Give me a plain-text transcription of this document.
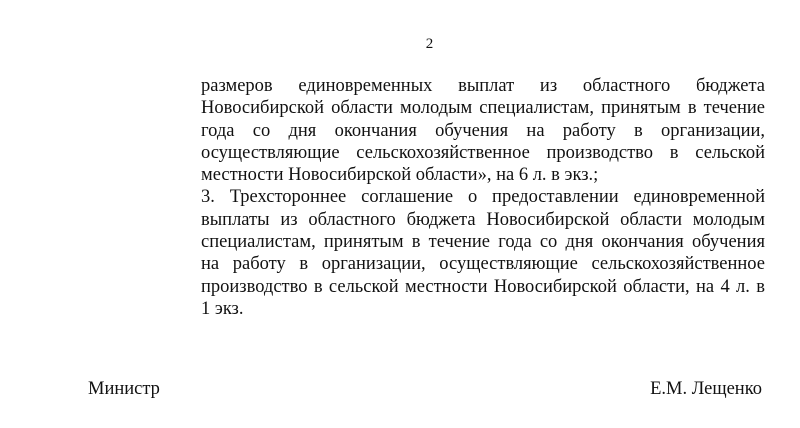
2
размеров единовременных выплат из областного бюджета
Новосибирской области молодым специалистам, принятым в течение
года со дня окончания обучения на работу в организации,
осуществляющие сельскохозяйственное производство в сельской
местности Новосибирской области», на 6 л. в экз.;
3. Трехстороннее соглашение о предоставлении единовременной
выплаты из областного бюджета Новосибирской области молодым
специалистам, принятым в течение года со дня окончания обучения
на работу в организации, осуществляющие сельскохозяйственное
производство в сельской местности Новосибирской области, на 4 л. в
1 экз.
Министр	Е.М. Лещенко
